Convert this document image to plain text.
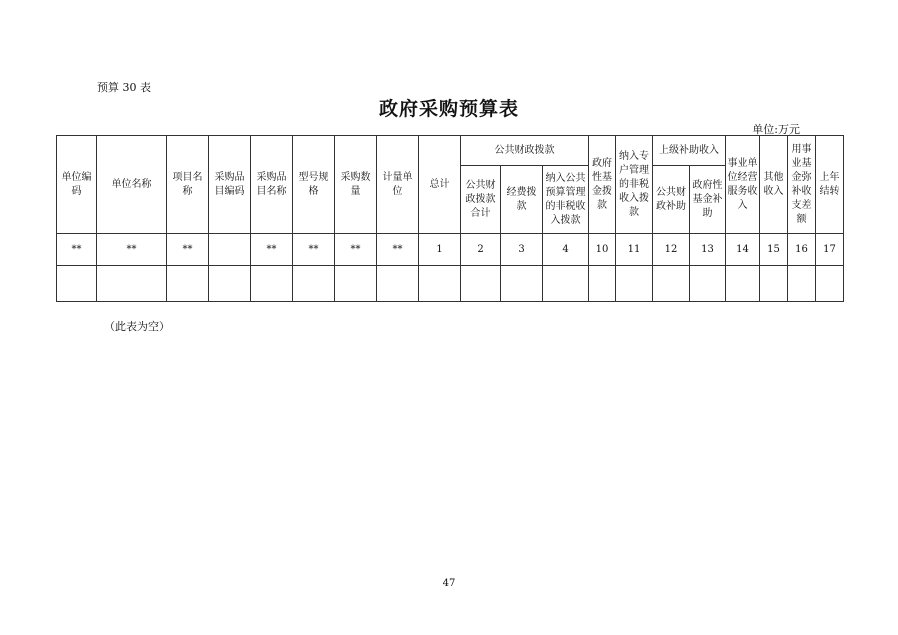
预算 30 表
政府采购预算表
单位:万元
单位编码	单位名称	项目名称	采购品目编码	采购品目名称	型号规格	采购数量	计量单位	总计	公共财政拨款			政府性基金拨款	纳入专户管理的非税收入拨款	上级补助收入		事业单位经营服务收入	其他收入	用事业基金弥补收支差额	上年结转
									公共财政拨款合计	经费拨款	纳入公共预算管理的非税收入拨款			公共财政补助	政府性基金补助				
**	**	**		**	**	**	**	1	2	3	4	10	11	12	13	14	15	16	17

（此表为空）
47
